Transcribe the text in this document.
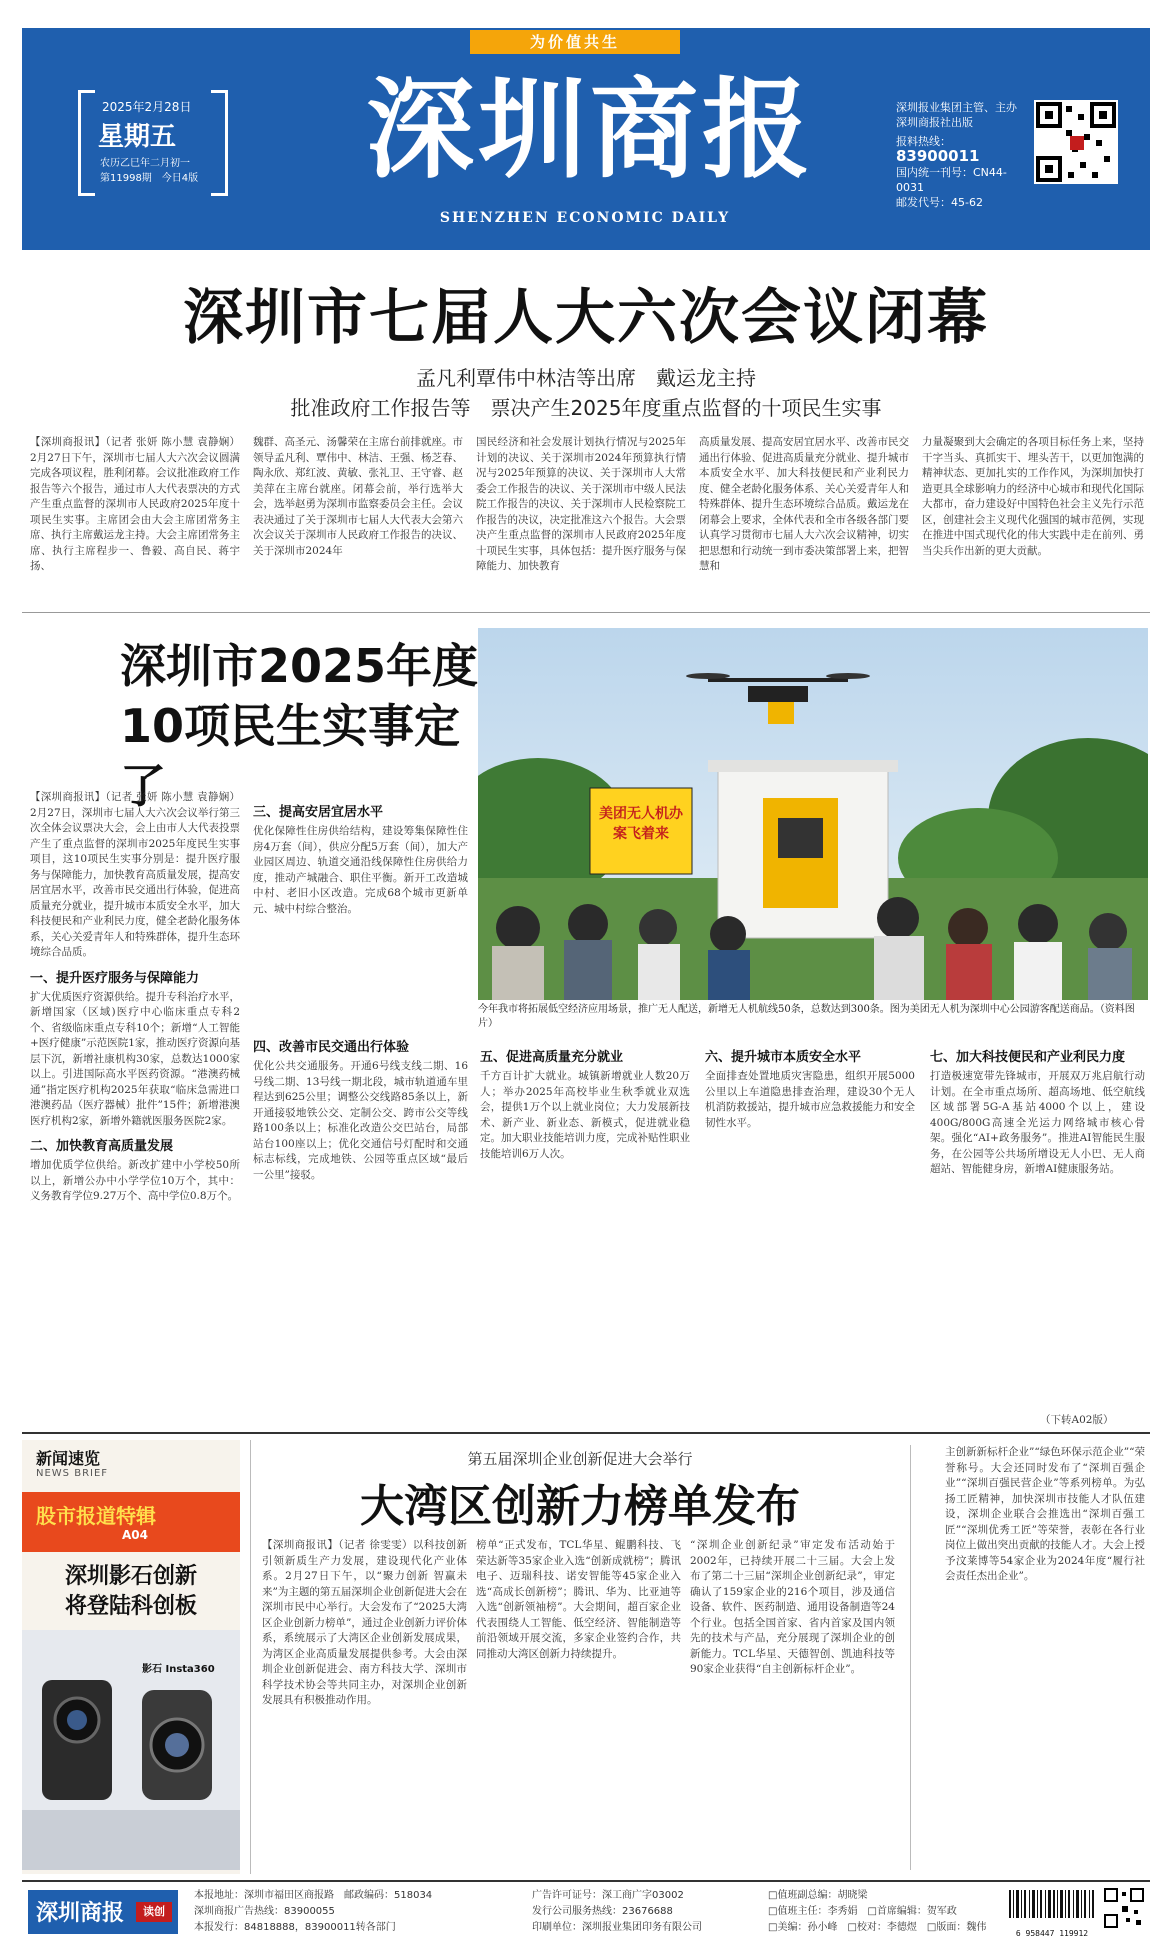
为价值共生
2025年2月28日
星期五
农历乙巳年二月初一
第11998期　今日4版	深圳商报
SHENZHEN ECONOMIC DAILY
深圳报业集团主管、主办
深圳商报社出版
报料热线：83900011
国内统一刊号：CN44-0031
邮发代号：45-62
深圳市七届人大六次会议闭幕
孟凡利覃伟中林洁等出席　戴运龙主持
批准政府工作报告等　票决产生2025年度重点监督的十项民生实事
【深圳商报讯】（记者 张妍 陈小慧 袁静娴）2月27日下午，深圳市七届人大六次会议圆满完成各项议程，胜利闭幕。会议批准政府工作报告等六个报告，通过市人大代表票决的方式产生重点监督的深圳市人民政府2025年度十项民生实事。主席团会由大会主席团常务主席、执行主席戴运龙主持。大会主席团常务主席、执行主席程步一、鲁毅、高自民、蒋宇扬、
魏群、高圣元、汤馨荣在主席台前排就座。市领导孟凡利、覃伟中、林洁、王强、杨芝春、陶永欣、郑红波、黄敏、张礼卫、王守睿、赵美萍在主席台就座。闭幕会前，举行选举大会，选举赵勇为深圳市监察委员会主任。会议表决通过了关于深圳市七届人大代表大会第六次会议关于深圳市人民政府工作报告的决议、关于深圳市2024年
国民经济和社会发展计划执行情况与2025年计划的决议、关于深圳市2024年预算执行情况与2025年预算的决议、关于深圳市人大常委会工作报告的决议、关于深圳市中级人民法院工作报告的决议、关于深圳市人民检察院工作报告的决议，决定批准这六个报告。大会票决产生重点监督的深圳市人民政府2025年度十项民生实事，具体包括：提升医疗服务与保障能力、加快教育
高质量发展、提高安居宜居水平、改善市民交通出行体验、促进高质量充分就业、提升城市本质安全水平、加大科技便民和产业利民力度、健全老龄化服务体系、关心关爱青年人和特殊群体、提升生态环境综合品质。戴运龙在闭幕会上要求，全体代表和全市各级各部门要认真学习贯彻市七届人大六次会议精神，切实把思想和行动统一到市委决策部署上来，把智慧和
力量凝聚到大会确定的各项目标任务上来，坚持干字当头、真抓实干、埋头苦干，以更加饱满的精神状态、更加扎实的工作作风，为深圳加快打造更具全球影响力的经济中心城市和现代化国际大都市，奋力建设好中国特色社会主义先行示范区，创建社会主义现代化强国的城市范例，实现在推进中国式现代化的伟大实践中走在前列、勇当尖兵作出新的更大贡献。
深圳市2025年度
10项民生实事定了
美团无人机办案飞着来
今年我市将拓展低空经济应用场景，推广无人配送，新增无人机航线50条，总数达到300条。图为美团无人机为深圳中心公园游客配送商品。（资料图片）

【深圳商报讯】（记者 张妍 陈小慧 袁静娴）2月27日，深圳市七届人大六次会议举行第三次全体会议票决大会，会上由市人大代表投票产生了重点监督的深圳市2025年度民生实事项目，这10项民生实事分别是：提升医疗服务与保障能力，加快教育高质量发展，提高安居宜居水平，改善市民交通出行体验，促进高质量充分就业，提升城市本质安全水平，加大科技便民和产业利民力度，健全老龄化服务体系，关心关爱青年人和特殊群体，提升生态环境综合品质。

一、提升医疗服务与保障能力

扩大优质医疗资源供给。提升专科治疗水平，新增国家（区域)医疗中心临床重点专科2个、省级临床重点专科10个；新增“人工智能+医疗健康”示范医院1家，推动医疗资源向基层下沉，新增社康机构30家，总数达1000家以上。引进国际高水平医药资源。“港澳药械通”指定医疗机构2025年获取“临床急需进口港澳药品（医疗器械）批件”15件；新增港澳医疗机构2家，新增外籍就医服务医院2家。

二、加快教育高质量发展

增加优质学位供给。新改扩建中小学校50所以上，新增公办中小学学位10万个，其中：义务教育学位9.27万个、高中学位0.8万个。

三、提高安居宜居水平

优化保障性住房供给结构，建设筹集保障性住房4万套（间），供应分配5万套（间），加大产业园区周边、轨道交通沿线保障性住房供给力度，推动产城融合、职住平衡。新开工改造城中村、老旧小区改造。完成68个城市更新单元、城中村综合整治。

四、改善市民交通出行体验

优化公共交通服务。开通6号线支线二期、16号线二期、13号线一期北段，城市轨道通车里程达到625公里；调整公交线路85条以上，新开通接驳地铁公交、定制公交、跨市公交等线路100条以上；标准化改造公交巴站台，局部站台100座以上；优化交通信号灯配时和交通标志标线，完成地铁、公园等重点区域“最后一公里”接驳。

五、促进高质量充分就业

千方百计扩大就业。城镇新增就业人数20万人；举办2025年高校毕业生秋季就业双选会，提供1万个以上就业岗位；大力发展新技术、新产业、新业态、新模式，促进就业稳定。加大职业技能培训力度，完成补贴性职业技能培训6万人次。

六、提升城市本质安全水平

全面排查处置地质灾害隐患，组织开展5000公里以上车道隐患排查治理，建设30个无人机消防救援站，提升城市应急救援能力和安全韧性水平。

七、加大科技便民和产业利民力度

打造极速宽带先锋城市，开展双万兆启航行动计划。在全市重点场所、超高场地、低空航线区域部署5G-A基站4000个以上，建设400G/800G高速全光运力网络城市核心骨架。强化“AI+政务服务”。推进AI智能民生服务，在公园等公共场所增设无人小巴、无人商超站、智能健身房，新增AI健康服务站。

（下转A02版）
新闻速览
NEWS BRIEF
股市报道特辑
A04
深圳影石创新
将登陆科创板
影石 Insta360
第五届深圳企业创新促进大会举行
大湾区创新力榜单发布
【深圳商报讯】（记者 徐雯雯）以科技创新引领新质生产力发展，建设现代化产业体系。2月27日下午，以“聚力创新 智赢未来”为主题的第五届深圳企业创新促进大会在深圳市民中心举行。大会发布了“2025大湾区企业创新力榜单”，通过企业创新力评价体系，系统展示了大湾区企业创新发展成果，为湾区企业高质量发展提供参考。大会由深圳企业创新促进会、南方科技大学、深圳市科学技术协会等共同主办，对深圳企业创新发展具有积极推动作用。
榜单“正式发布，TCL华星、鲲鹏科技、飞荣达新等35家企业入选“创新成就榜”；腾讯电子、迈瑞科技、诺安智能等45家企业入选“高成长创新榜”；腾讯、华为、比亚迪等入选“创新领袖榜”。大会期间，超百家企业代表围绕人工智能、低空经济、智能制造等前沿领域开展交流，多家企业签约合作，共同推动大湾区创新力持续提升。
“深圳企业创新纪录”审定发布活动始于2002年，已持续开展二十三届。大会上发布了第二十三届“深圳企业创新纪录”，审定确认了159家企业的216个项目，涉及通信设备、软件、医药制造、通用设备制造等24个行业。包括全国首家、省内首家及国内领先的技术与产品，充分展现了深圳企业的创新能力。TCL华星、天德智创、凯迪科技等90家企业获得“自主创新标杆企业”。
主创新新标杆企业”“绿色环保示范企业”“荣誉称号。大会还同时发布了“深圳百强企业”“深圳百强民营企业”等系列榜单。为弘扬工匠精神，加快深圳市技能人才队伍建设，深圳企业联合会推选出“深圳百强工匠”“深圳优秀工匠”等荣誉，表彰在各行业岗位上做出突出贡献的技能人才。大会上授予汶莱博等54家企业为2024年度“履行社会责任杰出企业”。
深圳商报	读创
本报地址：深圳市福田区商报路　邮政编码：518034
深圳商报广告热线：83900055
本报发行：84818888，83900011转各部门
广告许可证号：深工商广字03002
发行公司服务热线：23676688
印刷单位：深圳报业集团印务有限公司
□值班副总编：胡晓梁
□值班主任：李秀娟　□首席编辑：贺军政
□美编：孙小峰　□校对：李德煜　□版面：魏伟
6 958447 119912
